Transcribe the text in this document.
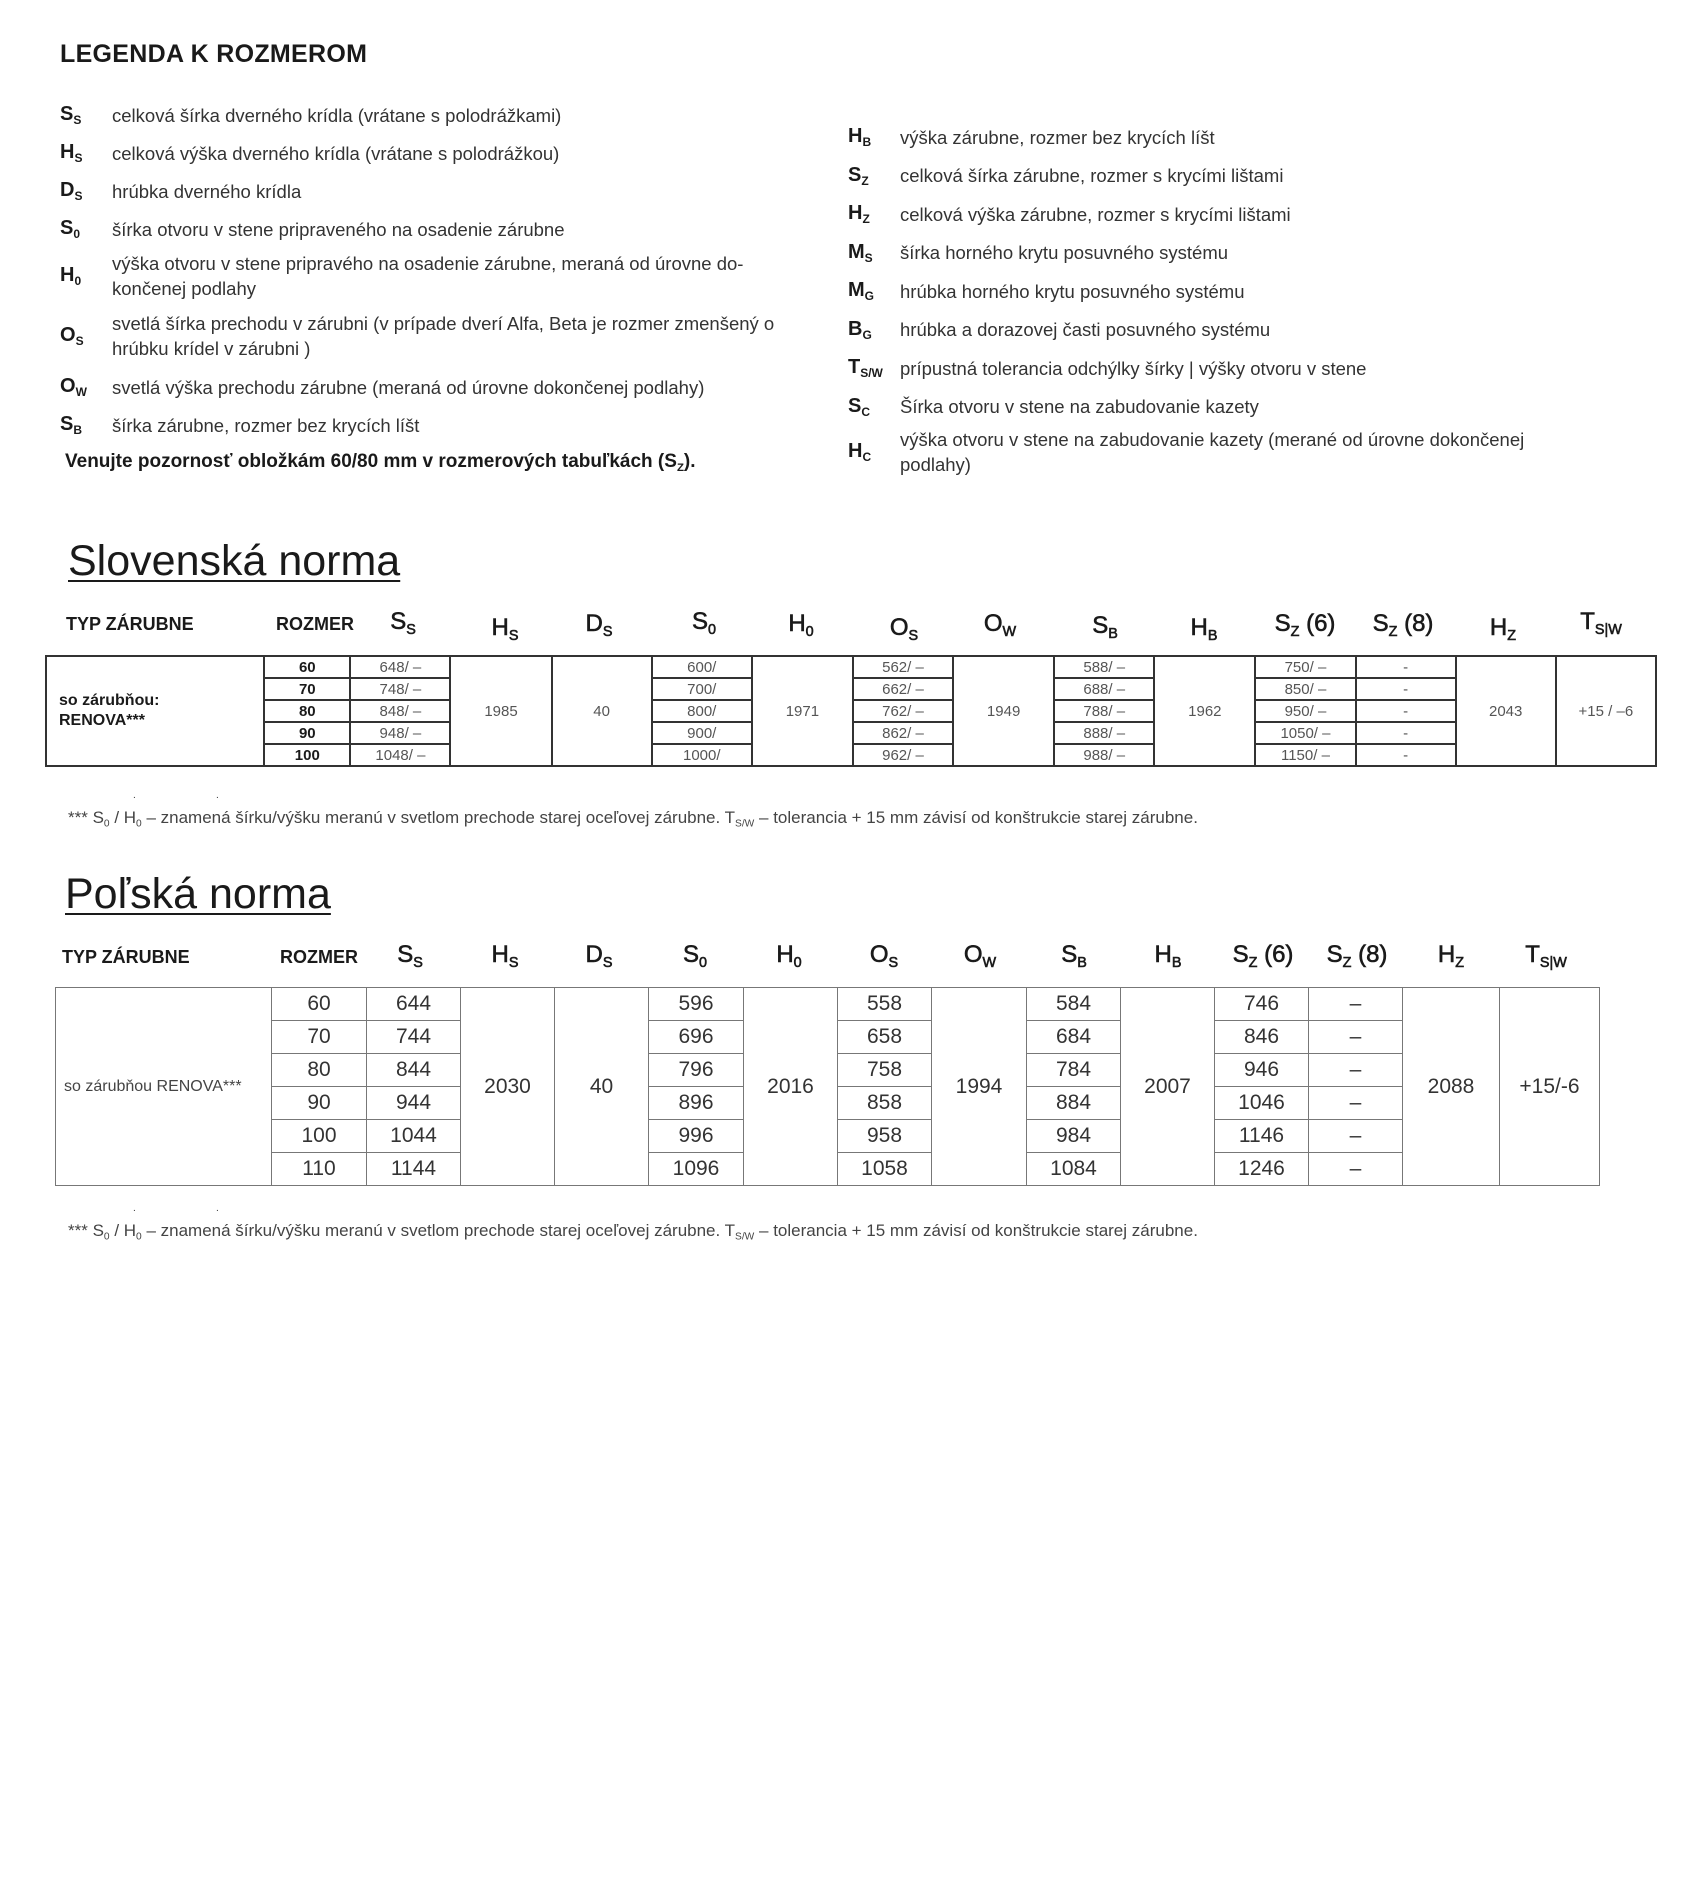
LEGENDA K ROZMEROM
$S_S$	celková šírka dverného krídla (vrátane s polodrážkami)
$H_S$	celková výška dverného krídla (vrátane s polodrážkou)
$D_S$	hrúbka dverného krídla
$S_0$	šírka otvoru v stene pripraveného na osadenie zárubne
$H_0$
výška otvoru v stene pripravého na osadenie zárubne, meraná od úrovne do-
končenej podlahy
$O_S$
svetlá šírka prechodu v zárubni (v prípade dverí Alfa, Beta je rozmer zmenšený o
hrúbku krídel v zárubni )
$O_W$	svetlá výška prechodu zárubne (meraná od úrovne dokončenej podlahy)
$S_B$	šírka zárubne, rozmer bez krycích líšt
Venujte pozornosť obložkám 60/80 mm v rozmerových tabuľkách $(S_Z)$.
$H_B$	výška zárubne, rozmer bez krycích líšt
$S_Z$	celková šírka zárubne, rozmer s krycími lištami
$H_Z$	celková výška zárubne, rozmer s krycími lištami
$M_S$	šírka horného krytu posuvného systému
$M_G$	hrúbka horného krytu posuvného systému
$B_G$	hrúbka a dorazovej časti posuvného systému
$T_{S/W}$ prípustná tolerancia odchýlky šírky | výšky otvoru v stene
$S_C$	Šírka otvoru v stene na zabudovanie kazety
$H_C$
výška otvoru v stene na zabudovanie kazety (merané od úrovne dokončenej
podlahy)
Slovenská norma
TYP ZÁRUBNE	ROZMER $S_S$	$H_S$	$D_S$	$S_0$	$H_0$	$O_S$	$O_W$	$S_B$	$H_B$ $S_Z$ (6) $S_Z$ (8) $H_Z$
$T_{S|W}$
so zárubňou:
RENOVA***	60	648/ –	1985	40	600/	1971	562/ –	1949	588/ –	1962	750/ –	-	2043	+15 / –6
	70	748/ –			700/		662/ –		688/ –		850/ –	-		
	80	848/ –			800/		762/ –		788/ –		950/ –	-		
	90	948/ –			900/		862/ –		888/ –		1050/ –	-		
	100	1048/ –			1000/		962/ –		988/ –		1150/ –	-		
*** $S_0 / H_0$ – znamená šírku/výšku meranú v svetlom prechode starej oceľovej zárubne. $T_{S/W}$ – tolerancia + 15 mm závisí od konštrukcie starej zárubne.
.	.
Poľská norma
TYP ZÁRUBNE	ROZMER $S_S$	$H_S$	$D_S$	$S_0$	$H_0$	$O_S$	$O_W$	$S_B$	$H_B$ $S_Z$ (6) $S_Z$ (8) $H_Z$	$T_{S|W}$
so zárubňou RENOVA***	60	644	2030	40	596	2016	558	1994	584	2007	746	–	2088	+15/-6
	70	744			696		658		684		846	–		
	80	844			796		758		784		946	–		
	90	944			896		858		884		1046	–		
	100	1044			996		958		984		1146	–		
	110	1144			1096		1058		1084		1246	–		
*** $S_0 / H_0$ – znamená šírku/výšku meranú v svetlom prechode starej oceľovej zárubne. $T_{S/W}$ – tolerancia + 15 mm závisí od konštrukcie starej zárubne.
.	.
